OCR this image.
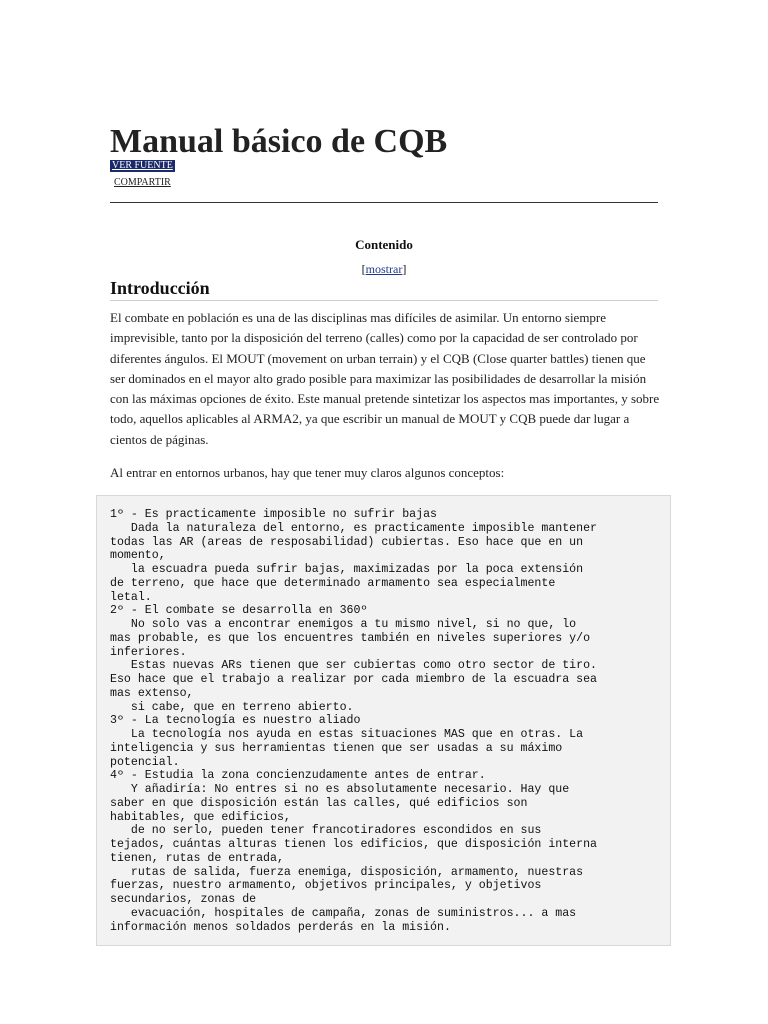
Manual básico de CQB
VER FUENTE
COMPARTIR
Contenido
[mostrar]
Introducción

El combate en población es una de las disciplinas mas difíciles de asimilar. Un entorno siempre imprevisible, tanto por la disposición del terreno (calles) como por la capacidad de ser controlado por diferentes ángulos. El MOUT (movement on urban terrain) y el CQB (Close quarter battles) tienen que ser dominados en el mayor alto grado posible para maximizar las posibilidades de desarrollar la misión con las máximas opciones de éxito. Este manual pretende sintetizar los aspectos mas importantes, y sobre todo, aquellos aplicables al ARMA2, ya que escribir un manual de MOUT y CQB puede dar lugar a cientos de páginas.

Al entrar en entornos urbanos, hay que tener muy claros algunos conceptos:

1º - Es practicamente imposible no sufrir bajas
Dada la naturaleza del entorno, es practicamente imposible mantener
todas las AR (areas de resposabilidad) cubiertas. Eso hace que en un
momento,
la escuadra pueda sufrir bajas, maximizadas por la poca extensión
de terreno, que hace que determinado armamento sea especialmente
letal.
2º - El combate se desarrolla en 360º
No solo vas a encontrar enemigos a tu mismo nivel, si no que, lo
mas probable, es que los encuentres también en niveles superiores y/o
inferiores.
Estas nuevas ARs tienen que ser cubiertas como otro sector de tiro.
Eso hace que el trabajo a realizar por cada miembro de la escuadra sea
mas extenso,
si cabe, que en terreno abierto.
3º - La tecnología es nuestro aliado
La tecnología nos ayuda en estas situaciones MAS que en otras. La
inteligencia y sus herramientas tienen que ser usadas a su máximo
potencial.
4º - Estudia la zona concienzudamente antes de entrar.
Y añadiría: No entres si no es absolutamente necesario. Hay que
saber en que disposición están las calles, qué edificios son
habitables, que edificios,
de no serlo, pueden tener francotiradores escondidos en sus
tejados, cuántas alturas tienen los edificios, que disposición interna
tienen, rutas de entrada,
rutas de salida, fuerza enemiga, disposición, armamento, nuestras
fuerzas, nuestro armamento, objetivos principales, y objetivos
secundarios, zonas de
evacuación, hospitales de campaña, zonas de suministros... a mas
información menos soldados perderás en la misión.
